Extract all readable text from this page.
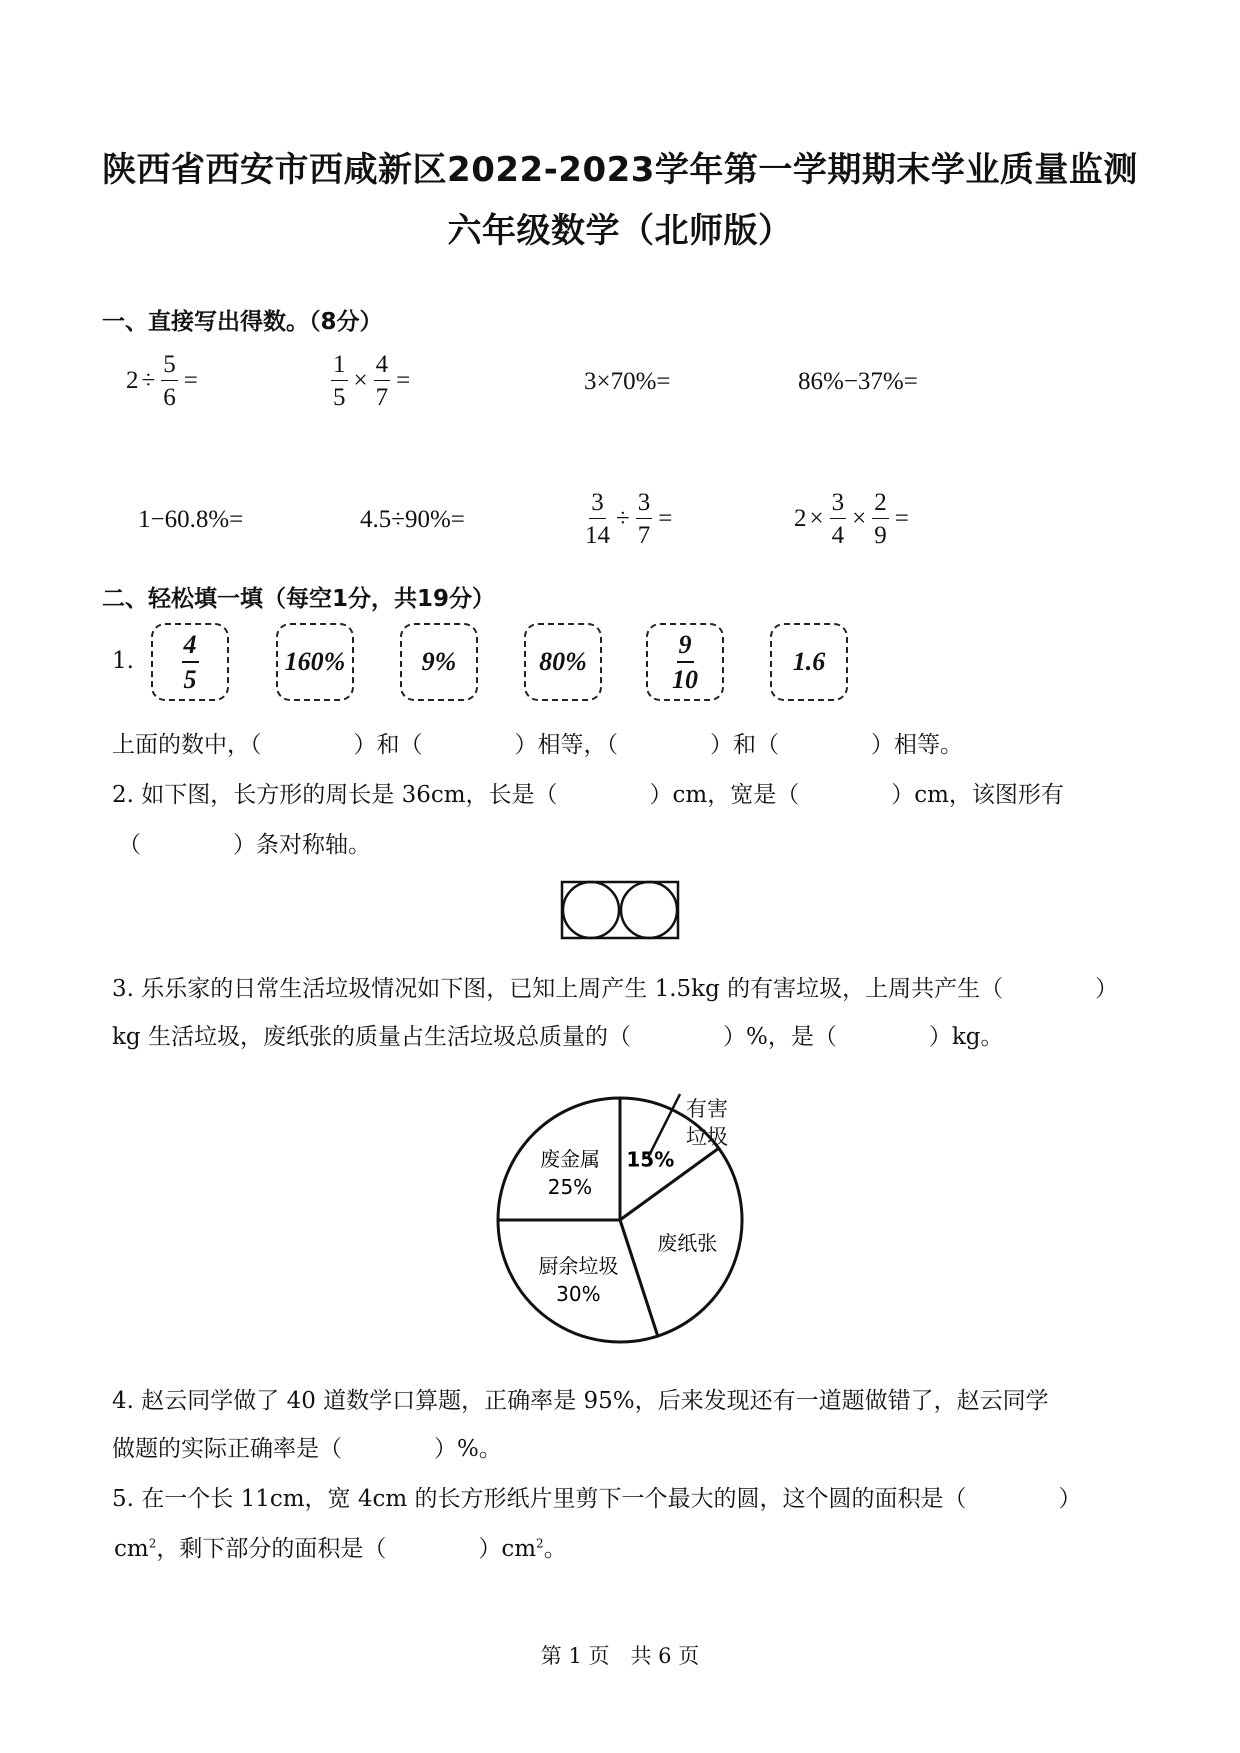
陕西省西安市西咸新区2022-2023学年第一学期期末学业质量监测
六年级数学（北师版）
一、直接写出得数。（8分）
$2 \div \frac{5}{6}$ =	$\frac{1}{5} \times \frac{4}{7}$ =	3×70%=	86%−37%=
1−60.8%=	4.5÷90%=	$\frac{3}{14} \div \frac{3}{7}$ =	$2 \times \frac{3}{4} \times \frac{2}{9}$ =
二、轻松填一填（每空1分，共19分）
1. $\frac{4}{5}$	160%	9%	80%	$\frac{9}{10}$	1.6
上面的数中，（　　　　）和（　　　　）相等，（　　　　）和（　　　　）相等。
2. 如下图，长方形的周长是 36cm，长是（　　　　）cm，宽是（　　　　）cm，该图形有
（　　　　）条对称轴。
3. 乐乐家的日常生活垃圾情况如下图，已知上周产生 1.5kg 的有害垃圾，上周共产生（　　　　）
kg 生活垃圾，废纸张的质量占生活垃圾总质量的（　　　　）%，是（　　　　）kg。
15%
废纸张
厨余垃圾
30%
废金属
25%
有害
垃圾
4. 赵云同学做了 40 道数学口算题，正确率是 95%，后来发现还有一道题做错了，赵云同学
做题的实际正确率是（　　　　）%。
5. 在一个长 11cm，宽 4cm 的长方形纸片里剪下一个最大的圆，这个圆的面积是（　　　　）
$cm^2$，剩下部分的面积是（　　　　）$cm^2$。
第 1 页　共 6 页
